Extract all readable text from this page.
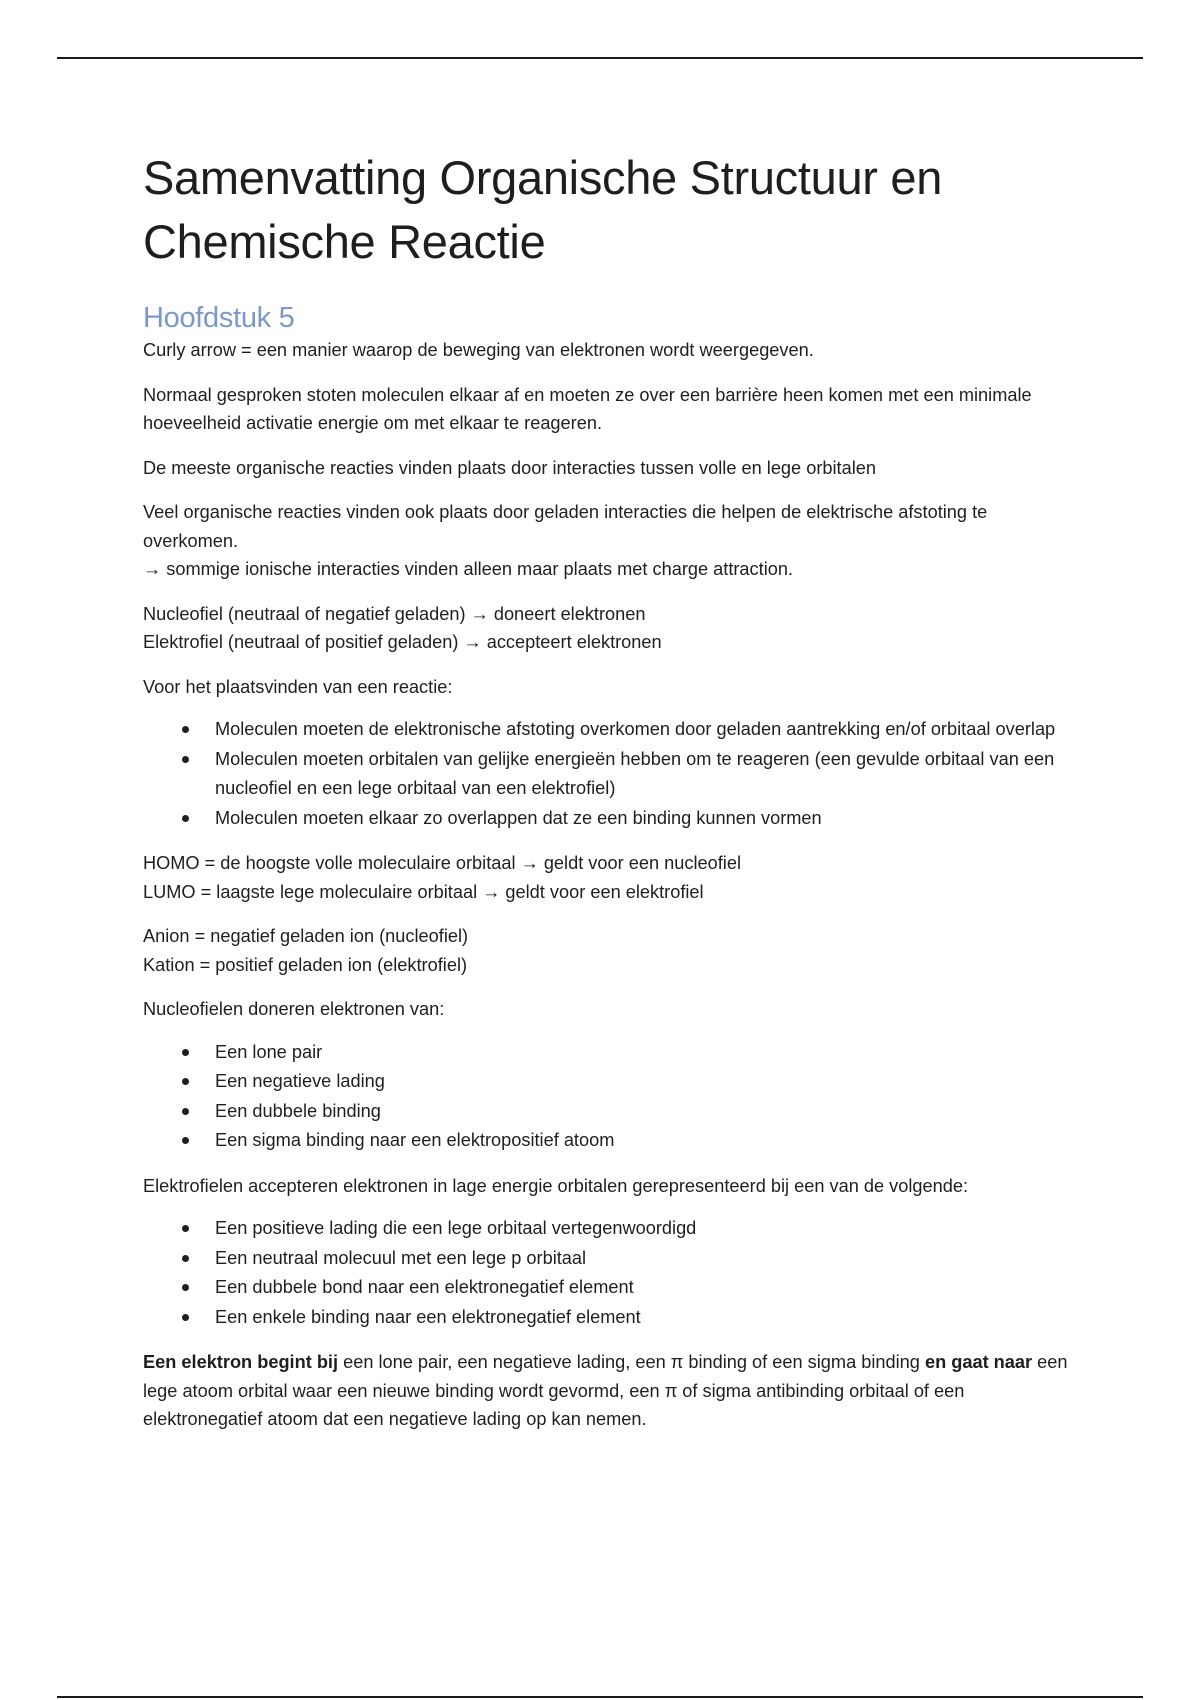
Samenvatting Organische Structuur en Chemische Reactie
Hoofdstuk 5

Curly arrow = een manier waarop de beweging van elektronen wordt weergegeven.

Normaal gesproken stoten moleculen elkaar af en moeten ze over een barrière heen komen met een minimale hoeveelheid activatie energie om met elkaar te reageren.

De meeste organische reacties vinden plaats door interacties tussen volle en lege orbitalen

Veel organische reacties vinden ook plaats door geladen interacties die helpen de elektrische afstoting te overkomen.
→ sommige ionische interacties vinden alleen maar plaats met charge attraction.

Nucleofiel (neutraal of negatief geladen) → doneert elektronen
Elektrofiel (neutraal of positief geladen) → accepteert elektronen

Voor het plaatsvinden van een reactie:

Moleculen moeten de elektronische afstoting overkomen door geladen aantrekking en/of orbitaal overlap
Moleculen moeten orbitalen van gelijke energieën hebben om te reageren (een gevulde orbitaal van een nucleofiel en een lege orbitaal van een elektrofiel)
Moleculen moeten elkaar zo overlappen dat ze een binding kunnen vormen

HOMO = de hoogste volle moleculaire orbitaal → geldt voor een nucleofiel
LUMO = laagste lege moleculaire orbitaal → geldt voor een elektrofiel

Anion = negatief geladen ion (nucleofiel)
Kation = positief geladen ion (elektrofiel)

Nucleofielen doneren elektronen van:

Een lone pair
Een negatieve lading
Een dubbele binding
Een sigma binding naar een elektropositief atoom

Elektrofielen accepteren elektronen in lage energie orbitalen gerepresenteerd bij een van de volgende:

Een positieve lading die een lege orbitaal vertegenwoordigd
Een neutraal molecuul met een lege p orbitaal
Een dubbele bond naar een elektronegatief element
Een enkele binding naar een elektronegatief element

Een elektron begint bij een lone pair, een negatieve lading, een π binding of een sigma binding en gaat naar een lege atoom orbital waar een nieuwe binding wordt gevormd, een π of sigma antibinding orbitaal of een elektronegatief atoom dat een negatieve lading op kan nemen.
